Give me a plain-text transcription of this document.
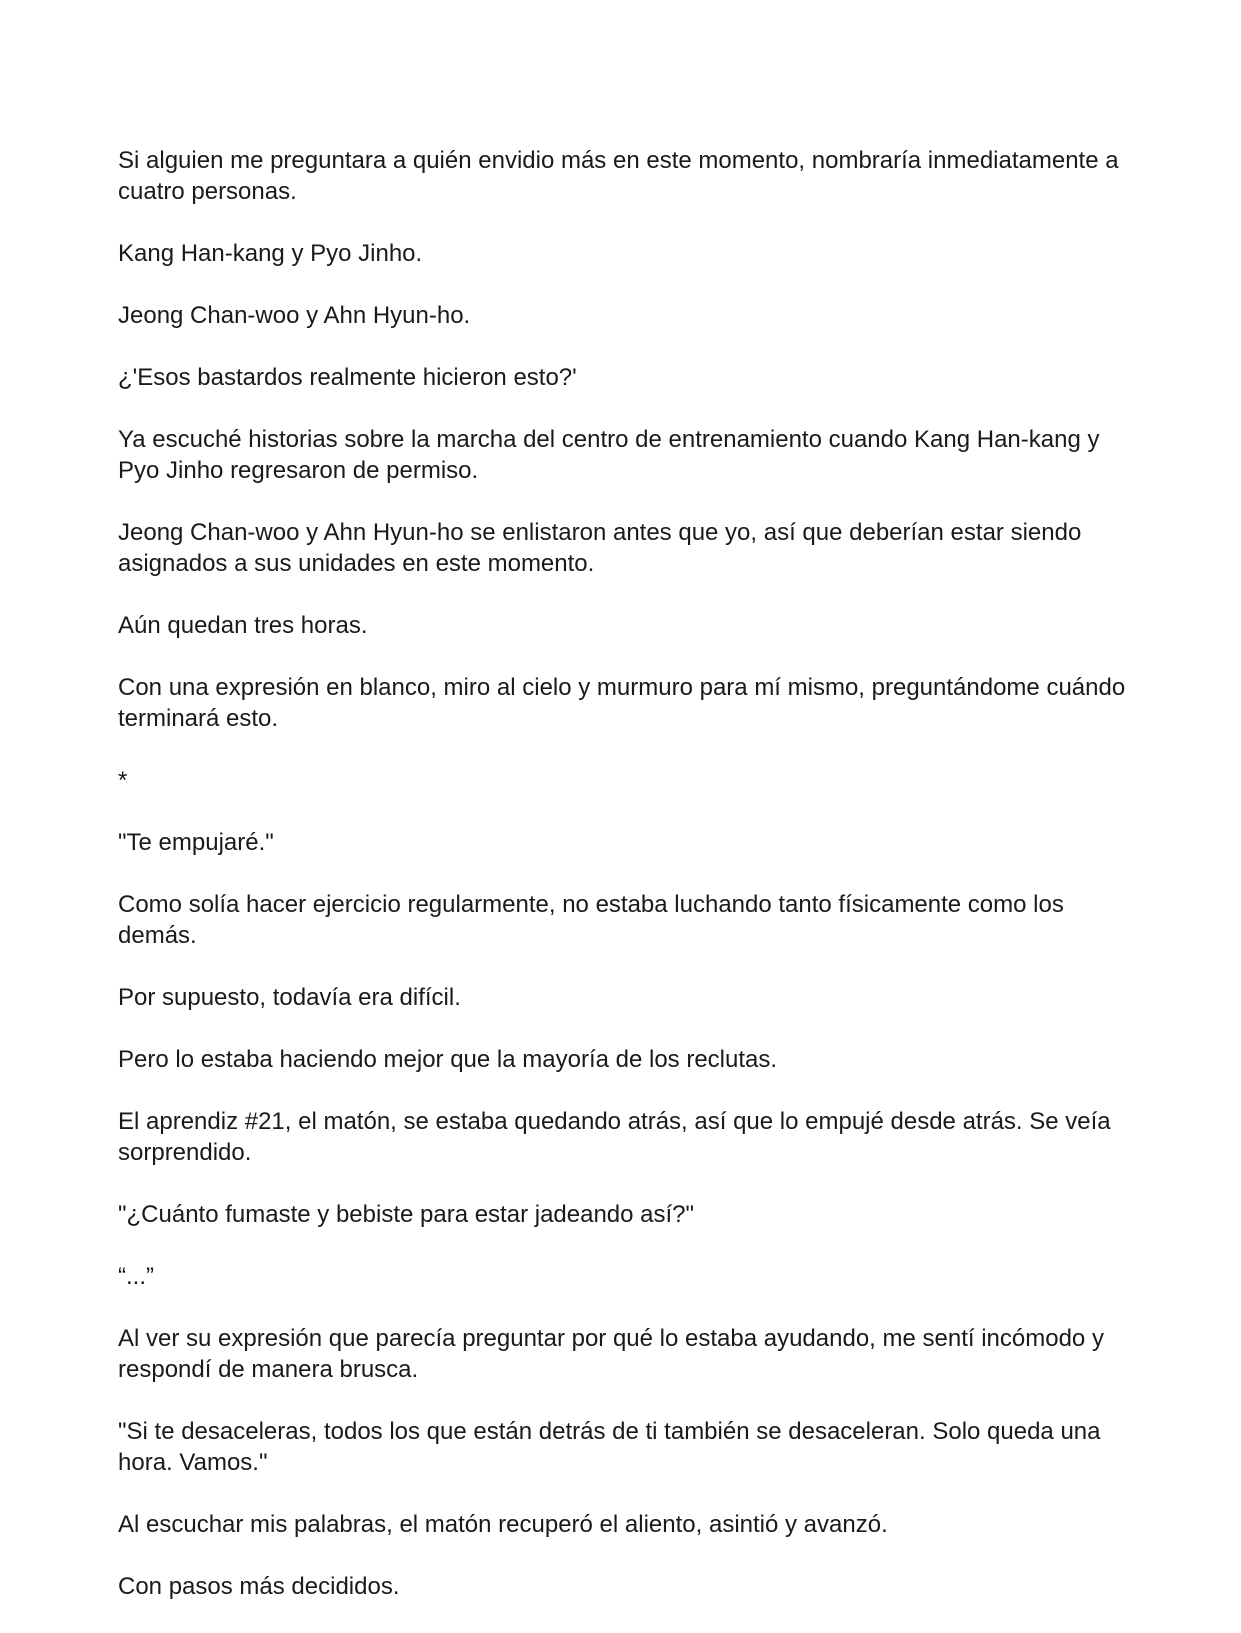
Si alguien me preguntara a quién envidio más en este momento, nombraría inmediatamente a cuatro personas.

Kang Han-kang y Pyo Jinho.

Jeong Chan-woo y Ahn Hyun-ho.

¿'Esos bastardos realmente hicieron esto?'

Ya escuché historias sobre la marcha del centro de entrenamiento cuando Kang Han-kang y Pyo Jinho regresaron de permiso.

Jeong Chan-woo y Ahn Hyun-ho se enlistaron antes que yo, así que deberían estar siendo asignados a sus unidades en este momento.

Aún quedan tres horas.

Con una expresión en blanco, miro al cielo y murmuro para mí mismo, preguntándome cuándo terminará esto.

*

"Te empujaré."

Como solía hacer ejercicio regularmente, no estaba luchando tanto físicamente como los demás.

Por supuesto, todavía era difícil.

Pero lo estaba haciendo mejor que la mayoría de los reclutas.

El aprendiz #21, el matón, se estaba quedando atrás, así que lo empujé desde atrás. Se veía sorprendido.

"¿Cuánto fumaste y bebiste para estar jadeando así?"

“...”

Al ver su expresión que parecía preguntar por qué lo estaba ayudando, me sentí incómodo y respondí de manera brusca.

"Si te desaceleras, todos los que están detrás de ti también se desaceleran. Solo queda una hora. Vamos."

Al escuchar mis palabras, el matón recuperó el aliento, asintió y avanzó.

Con pasos más decididos.
